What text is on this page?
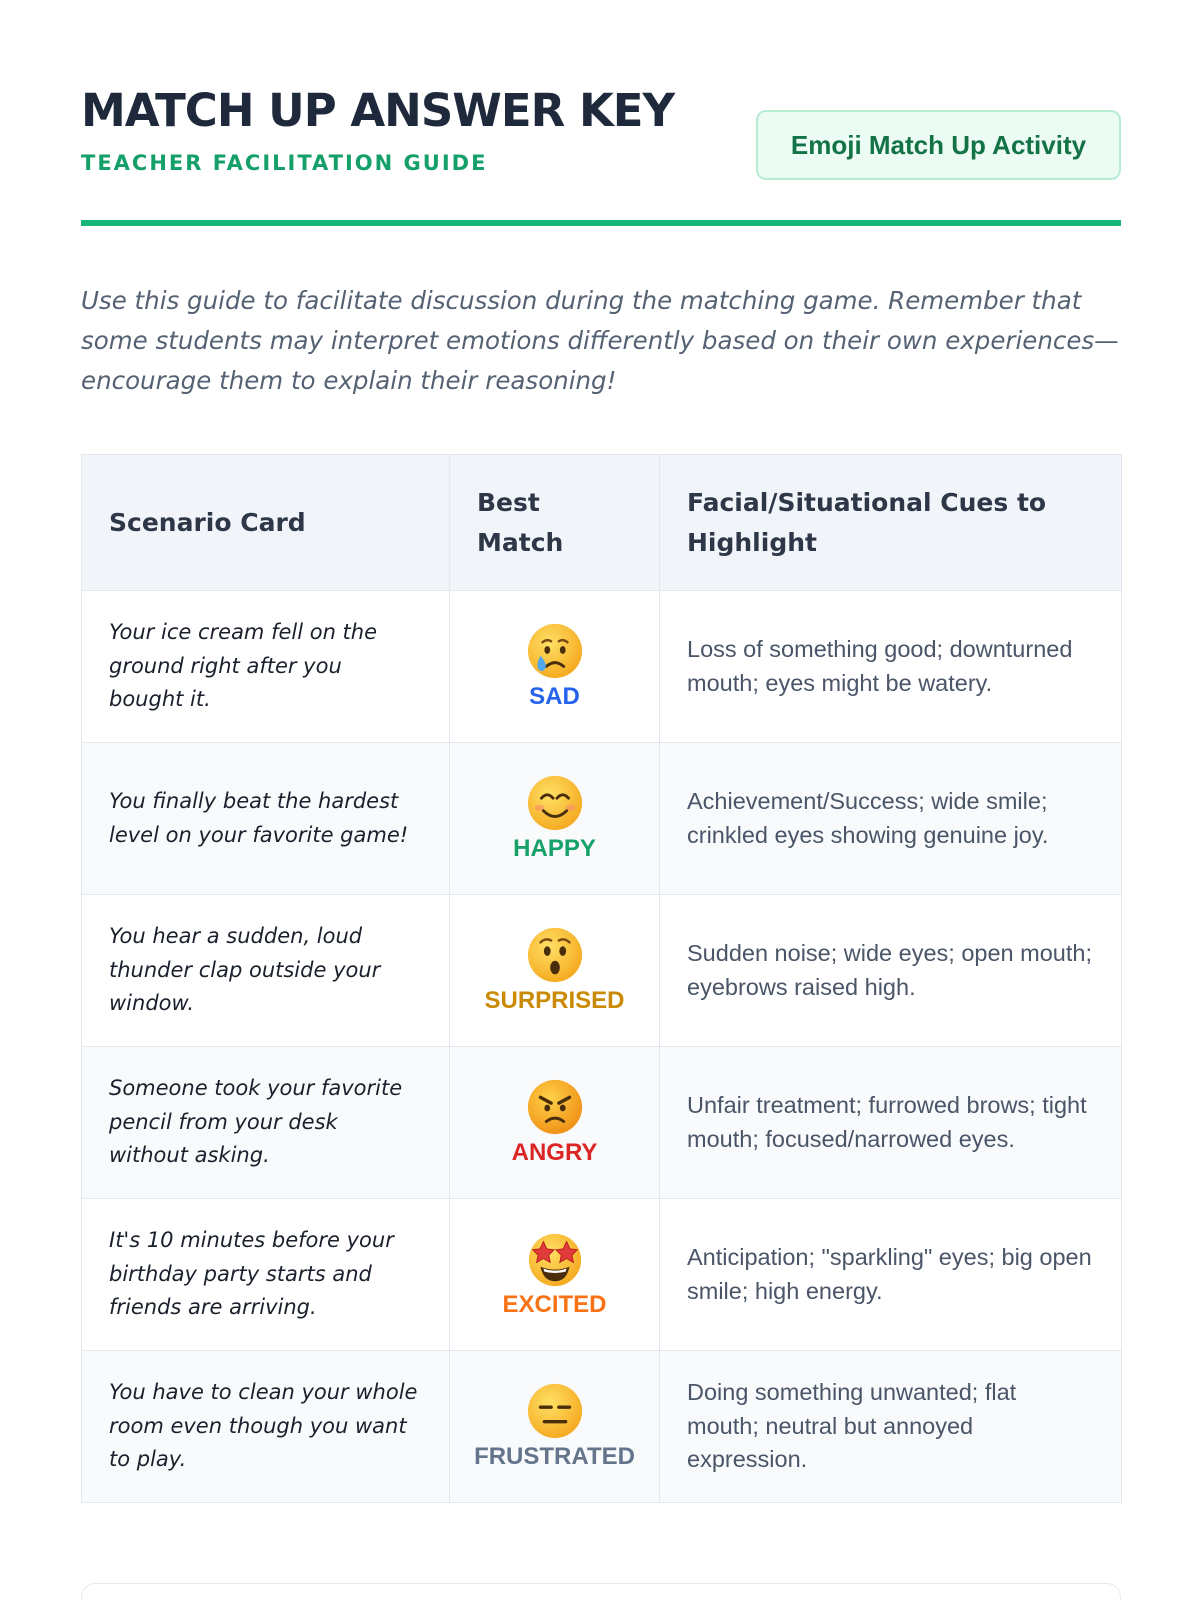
MATCH UP ANSWER KEY
TEACHER FACILITATION GUIDE
Emoji Match Up Activity

Use this guide to facilitate discussion during the matching game. Remember that some students may interpret emotions differently based on their own experiences—encourage them to explain their reasoning!

Scenario Card	Best Match	Facial/Situational Cues to Highlight

Your ice cream fell on the ground right after you bought it.	SAD	Loss of something good; downturned mouth; eyes might be watery.

You finally beat the hardest level on your favorite game!	HAPPY	Achievement/Success; wide smile; crinkled eyes showing genuine joy.

You hear a sudden, loud thunder clap outside your window.	SURPRISED	Sudden noise; wide eyes; open mouth; eyebrows raised high.

Someone took your favorite pencil from your desk without asking.	ANGRY	Unfair treatment; furrowed brows; tight mouth; focused/narrowed eyes.

It's 10 minutes before your birthday party starts and friends are arriving.	EXCITED	Anticipation; "sparkling" eyes; big open smile; high energy.

You have to clean your whole room even though you want to play.	FRUSTRATED	Doing something unwanted; flat mouth; neutral but annoyed expression.
